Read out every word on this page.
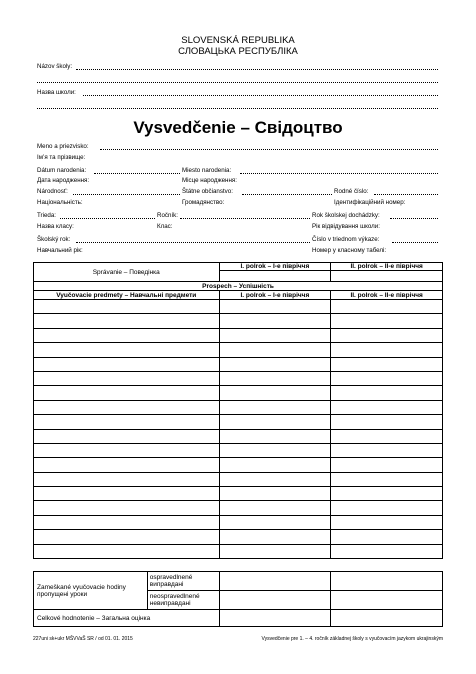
SLOVENSKÁ REPUBLIKA
СЛОВАЦЬКА РЕСПУБЛІКА
Názov školy:
Назва школи:
Vysvedčenie – Свідоцтво
Meno a priezvisko:
Ім’я та прізвище:
Dátum narodenia:	Miesto narodenia:
Дата народження:	Місце народження:
Národnosť:	Štátne občianstvo:	Rodné číslo:
Національність:	Громадянство:	Ідентифікаційний номер:
Trieda:	Ročník:	Rok školskej dochádzky:
Назва класу:	Клас:	Рік відвідування школи:
Školský rok:	Číslo v triednom výkaze:
Навчальний рік:	Номер у класному табелі:
Správanie – Поведінка	I. polrok – I-е півріччя	II. polrok – II-е півріччя

Prospech – Успішність		
Vyučovacie predmety – Навчальні предмети	I. polrok – I-е півріччя	II. polrok – II-е півріччя

Zameškané vyučovacie hodiny пропущені уроки	ospravedlnené виправдані		
	neospravedlnené невиправдані		
Celkové hodnotenie – Загальна оцінка			
227uni sk+ukr MŠVVaŠ SR / od 01. 01. 2015	Vysvedčenie pre 1. – 4. ročník základnej školy s vyučovacím jazykom ukrajinským
